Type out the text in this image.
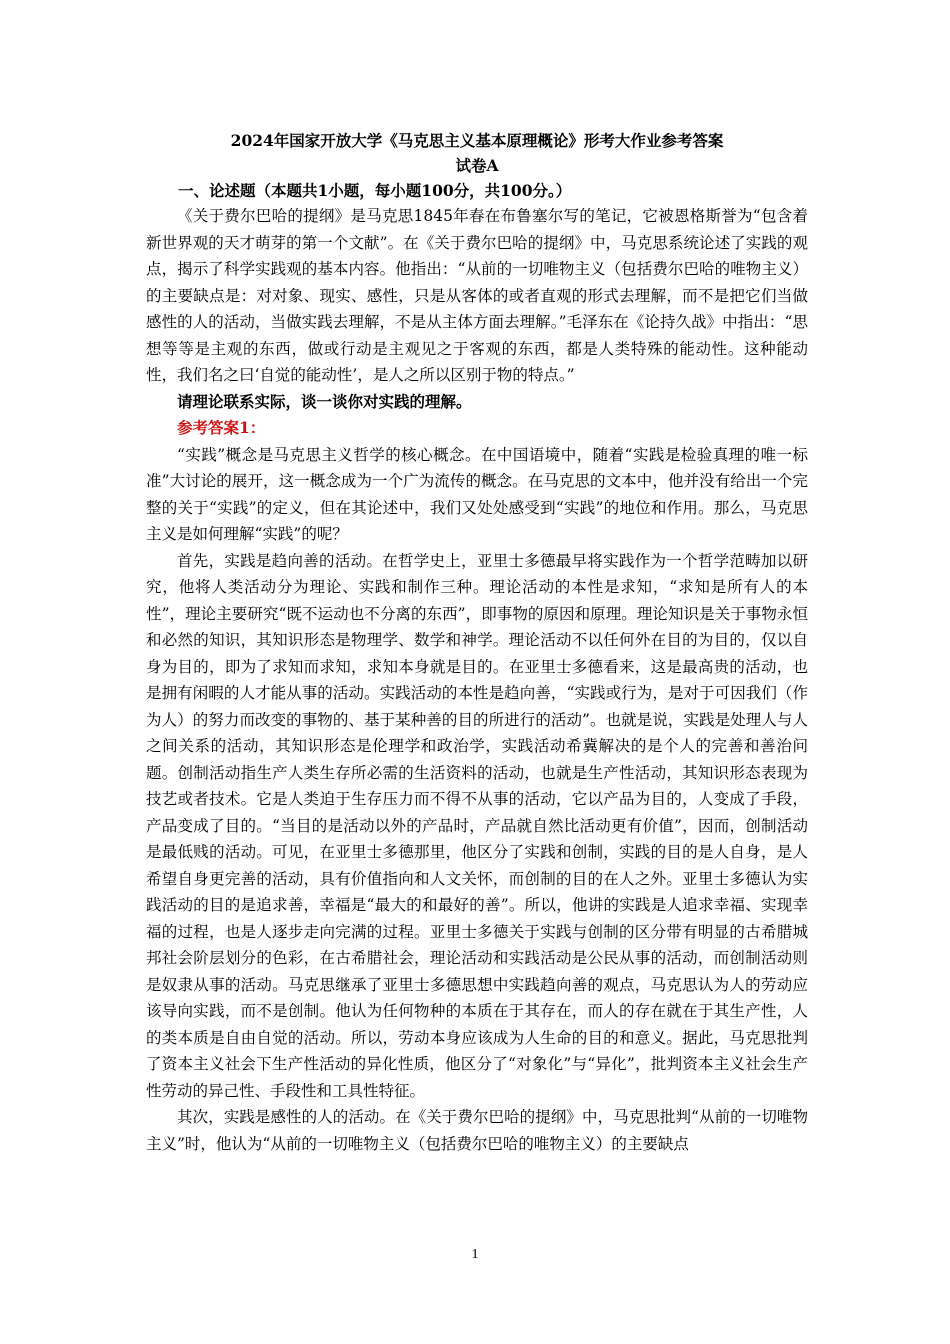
2024年国家开放大学《马克思主义基本原理概论》形考大作业参考答案
试卷A
一、论述题（本题共1小题，每小题100分，共100分。）

《关于费尔巴哈的提纲》是马克思1845年春在布鲁塞尔写的笔记，它被恩格斯誉为“包含着新世界观的天才萌芽的第一个文献”。在《关于费尔巴哈的提纲》中，马克思系统论述了实践的观点，揭示了科学实践观的基本内容。他指出：“从前的一切唯物主义（包括费尔巴哈的唯物主义）的主要缺点是：对对象、现实、感性，只是从客体的或者直观的形式去理解，而不是把它们当做感性的人的活动，当做实践去理解，不是从主体方面去理解。”毛泽东在《论持久战》中指出：“思想等等是主观的东西，做或行动是主观见之于客观的东西，都是人类特殊的能动性。这种能动性，我们名之曰‘自觉的能动性’，是人之所以区别于物的特点。”

请理论联系实际，谈一谈你对实践的理解。

参考答案1：

“实践”概念是马克思主义哲学的核心概念。在中国语境中，随着“实践是检验真理的唯一标准”大讨论的展开，这一概念成为一个广为流传的概念。在马克思的文本中，他并没有给出一个完整的关于“实践”的定义，但在其论述中，我们又处处感受到“实践”的地位和作用。那么，马克思主义是如何理解“实践”的呢？

首先，实践是趋向善的活动。在哲学史上，亚里士多德最早将实践作为一个哲学范畴加以研究，他将人类活动分为理论、实践和制作三种。理论活动的本性是求知，“求知是所有人的本性”，理论主要研究“既不运动也不分离的东西”，即事物的原因和原理。理论知识是关于事物永恒和必然的知识，其知识形态是物理学、数学和神学。理论活动不以任何外在目的为目的，仅以自身为目的，即为了求知而求知，求知本身就是目的。在亚里士多德看来，这是最高贵的活动，也是拥有闲暇的人才能从事的活动。实践活动的本性是趋向善，“实践或行为，是对于可因我们（作为人）的努力而改变的事物的、基于某种善的目的所进行的活动”。也就是说，实践是处理人与人之间关系的活动，其知识形态是伦理学和政治学，实践活动希冀解决的是个人的完善和善治问题。创制活动指生产人类生存所必需的生活资料的活动，也就是生产性活动，其知识形态表现为技艺或者技术。它是人类迫于生存压力而不得不从事的活动，它以产品为目的，人变成了手段，产品变成了目的。“当目的是活动以外的产品时，产品就自然比活动更有价值”，因而，创制活动是最低贱的活动。可见，在亚里士多德那里，他区分了实践和创制，实践的目的是人自身，是人希望自身更完善的活动，具有价值指向和人文关怀，而创制的目的在人之外。亚里士多德认为实践活动的目的是追求善，幸福是“最大的和最好的善”。所以，他讲的实践是人追求幸福、实现幸福的过程，也是人逐步走向完满的过程。亚里士多德关于实践与创制的区分带有明显的古希腊城邦社会阶层划分的色彩，在古希腊社会，理论活动和实践活动是公民从事的活动，而创制活动则是奴隶从事的活动。马克思继承了亚里士多德思想中实践趋向善的观点，马克思认为人的劳动应该导向实践，而不是创制。他认为任何物种的本质在于其存在，而人的存在就在于其生产性，人的类本质是自由自觉的活动。所以，劳动本身应该成为人生命的目的和意义。据此，马克思批判了资本主义社会下生产性活动的异化性质，他区分了“对象化”与“异化”，批判资本主义社会生产性劳动的异己性、手段性和工具性特征。

其次，实践是感性的人的活动。在《关于费尔巴哈的提纲》中，马克思批判“从前的一切唯物主义”时，他认为“从前的一切唯物主义（包括费尔巴哈的唯物主义）的主要缺点

1
